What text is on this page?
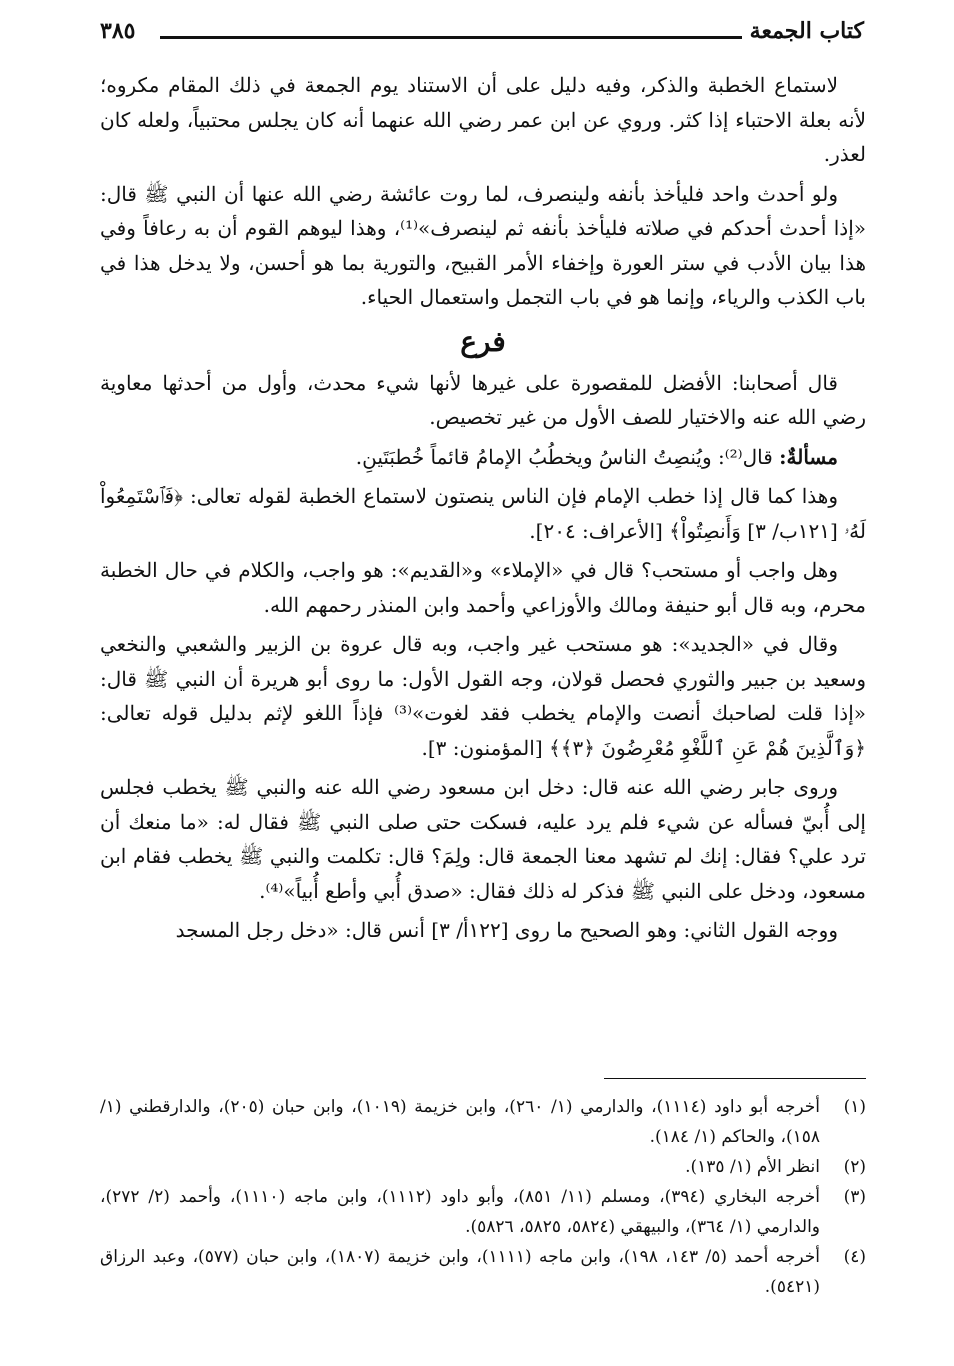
كتاب الجمعة
٣٨٥

لاستماع الخطبة والذكر، وفيه دليل على أن الاستناد يوم الجمعة في ذلك المقام مكروه؛ لأنه بعلة الاحتباء إذا كثر. وروي عن ابن عمر رضي الله عنهما أنه كان يجلس محتبياً، ولعله كان لعذر.

ولو أحدث واحد فليأخذ بأنفه ولينصرف، لما روت عائشة رضي الله عنها أن النبي ﷺ قال: «إذا أحدث أحدكم في صلاته فليأخذ بأنفه ثم لينصرف»⁽¹⁾، وهذا ليوهم القوم أن به رعافاً وفي هذا بيان الأدب في ستر العورة وإخفاء الأمر القبيح، والتورية بما هو أحسن، ولا يدخل هذا في باب الكذب والرياء، وإنما هو في باب التجمل واستعمال الحياء.

فرع

قال أصحابنا: الأفضل للمقصورة على غيرها لأنها شيء محدث، وأول من أحدثها معاوية رضي الله عنه والاختيار للصف الأول من غير تخصيص.

مسألةٌ: قال⁽²⁾: ويُنصِتُ الناسُ ويخطُبُ الإمامُ قائماً خُطبَتَينِ.

وهذا كما قال إذا خطب الإمام فإن الناس ينصتون لاستماع الخطبة لقوله تعالى: ﴿فَٱسْتَمِعُواْ لَهُۥ [١٢١ب/ ٣] وَأَنصِتُواْ﴾ [الأعراف: ٢٠٤].

وهل واجب أو مستحب؟ قال في «الإملاء» و«القديم»: هو واجب، والكلام في حال الخطبة محرم، وبه قال أبو حنيفة ومالك والأوزاعي وأحمد وابن المنذر رحمهم الله.

وقال في «الجديد»: هو مستحب غير واجب، وبه قال عروة بن الزبير والشعبي والنخعي وسعيد بن جبير والثوري فحصل قولان، وجه القول الأول: ما روى أبو هريرة أن النبي ﷺ قال: «إذا قلت لصاحبك أنصت والإمام يخطب فقد لغوت»⁽³⁾ فإذاً اللغو لإثم بدليل قوله تعالى: ﴿وَٱلَّذِينَ هُمْ عَنِ ٱللَّغْوِ مُعْرِضُونَ ﴿٣﴾﴾ [المؤمنون: ٣].

وروى جابر رضي الله عنه قال: دخل ابن مسعود رضي الله عنه والنبي ﷺ يخطب فجلس إلى أُبيّ فسأله عن شيء فلم يرد عليه، فسكت حتى صلى النبي ﷺ فقال له: «ما منعك أن ترد علي؟ فقال: إنك لم تشهد معنا الجمعة قال: ولِمَ؟ قال: تكلمت والنبي ﷺ يخطب فقام ابن مسعود، ودخل على النبي ﷺ فذكر له ذلك فقال: «صدق أُبي وأطع أُبياً»⁽⁴⁾.

ووجه القول الثاني: وهو الصحيح ما روى [١٢٢أ/ ٣] أنس قال: «دخل رجل المسجد

(١)
أخرجه أبو داود (١١١٤)، والدارمي (١/ ٢٦٠)، وابن خزيمة (١٠١٩)، وابن حبان (٢٠٥)، والدارقطني (١/ ١٥٨)، والحاكم (١/ ١٨٤).
(٢)
انظر الأم (١/ ١٣٥).
(٣)
أخرجه البخاري (٣٩٤)، ومسلم (١١/ ٨٥١)، وأبو داود (١١١٢)، وابن ماجه (١١١٠)، وأحمد (٢/ ٢٧٢)، والدارمي (١/ ٣٦٤)، والبيهقي (٥٨٢٤، ٥٨٢٥، ٥٨٢٦).
(٤)
أخرجه أحمد (٥/ ١٤٣، ١٩٨)، وابن ماجه (١١١١)، وابن خزيمة (١٨٠٧)، وابن حبان (٥٧٧)، وعبد الرزاق (٥٤٢١).
